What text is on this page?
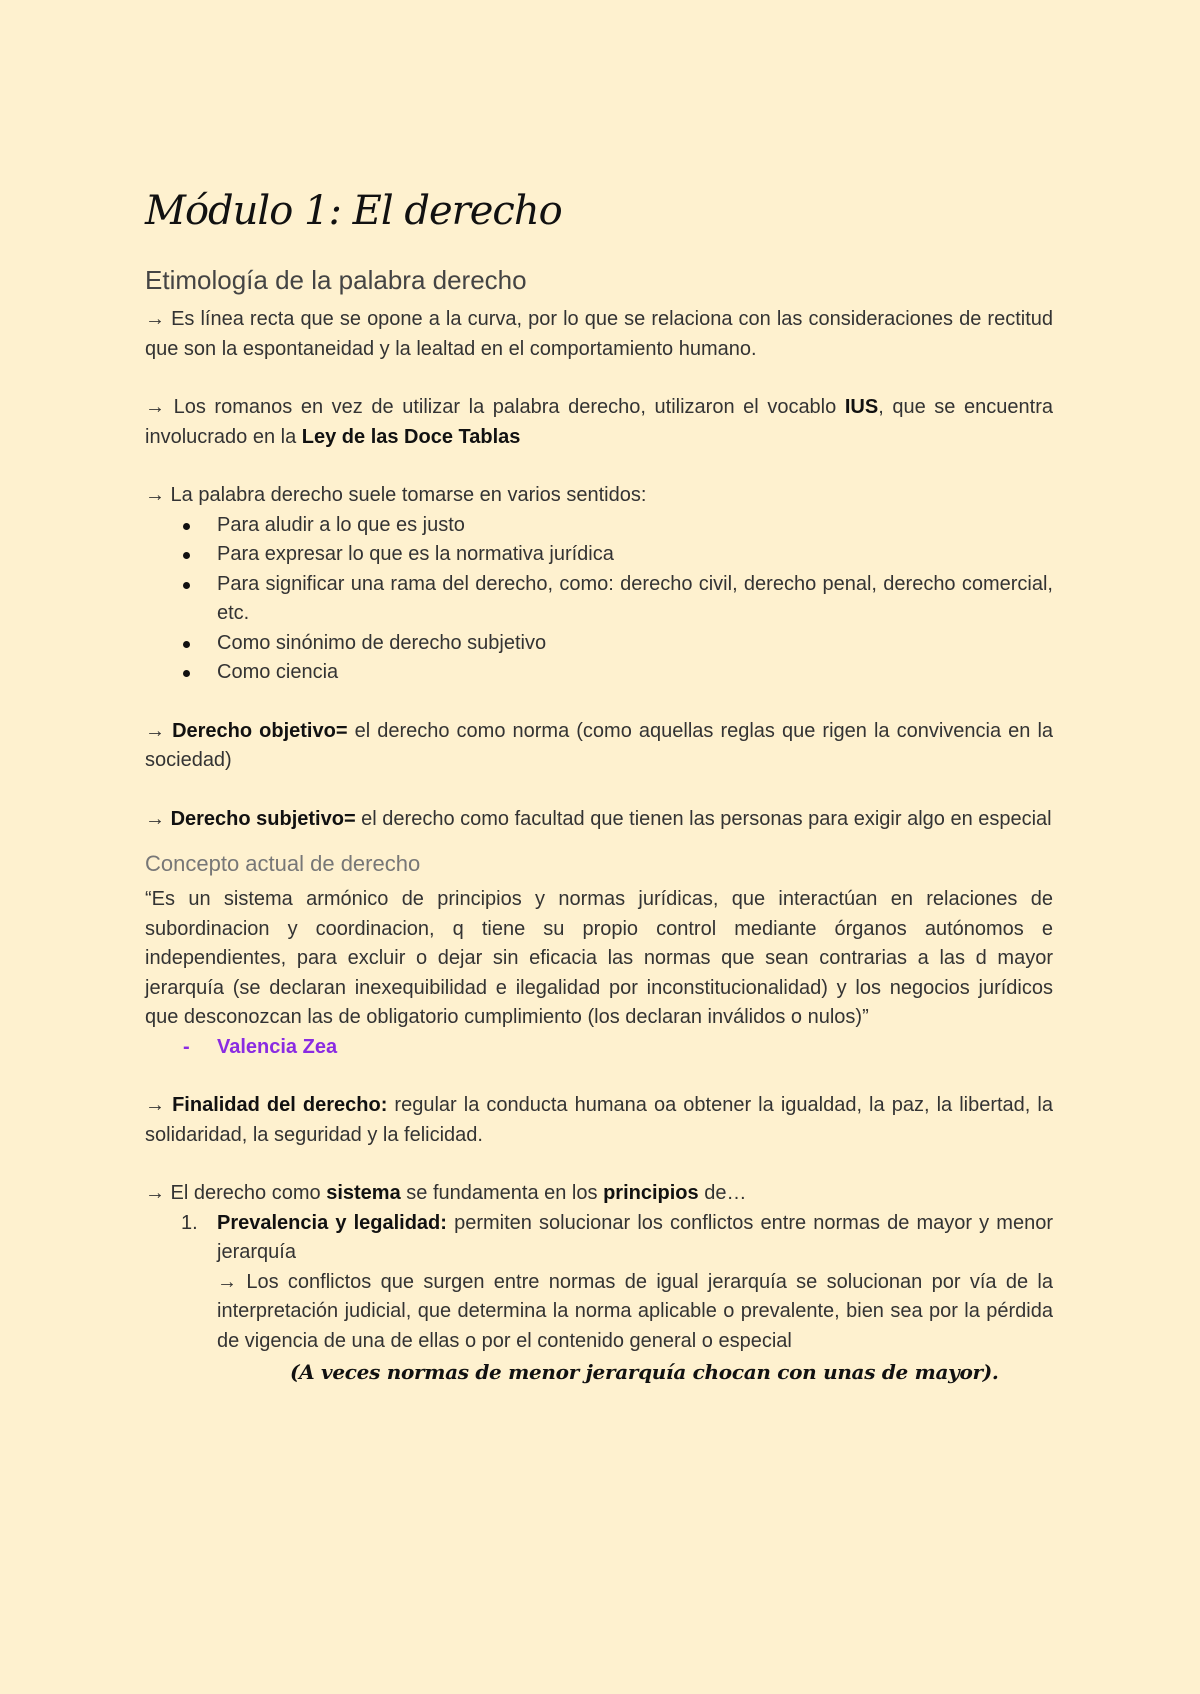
Módulo 1: El derecho
Etimología de la palabra derecho

→ Es línea recta que se opone a la curva, por lo que se relaciona con las consideraciones de rectitud que son la espontaneidad y la lealtad en el comportamiento humano.

→ Los romanos en vez de utilizar la palabra derecho, utilizaron el vocablo IUS, que se encuentra involucrado en la Ley de las Doce Tablas

→ La palabra derecho suele tomarse en varios sentidos:

Para aludir a lo que es justo
Para expresar lo que es la normativa jurídica
Para significar una rama del derecho, como: derecho civil, derecho penal, derecho comercial, etc.
Como sinónimo de derecho subjetivo
Como ciencia

→ Derecho objetivo= el derecho como norma (como aquellas reglas que rigen la convivencia en la sociedad)

→ Derecho subjetivo= el derecho como facultad que tienen las personas para exigir algo en especial

Concepto actual de derecho

“Es un sistema armónico de principios y normas jurídicas, que interactúan en relaciones de subordinacion y coordinacion, q tiene su propio control mediante órganos autónomos e independientes, para excluir o dejar sin eficacia las normas que sean contrarias a las d mayor jerarquía (se declaran inexequibilidad e ilegalidad por inconstitucionalidad) y los negocios jurídicos que desconozcan las de obligatorio cumplimiento (los declaran inválidos o nulos)”

- Valencia Zea

→ Finalidad del derecho: regular la conducta humana oa obtener la igualdad, la paz, la libertad, la solidaridad, la seguridad y la felicidad.

→ El derecho como sistema se fundamenta en los principios de…

1. Prevalencia y legalidad: permiten solucionar los conflictos entre normas de mayor y menor jerarquía
→ Los conflictos que surgen entre normas de igual jerarquía se solucionan por vía de la interpretación judicial, que determina la norma aplicable o prevalente, bien sea por la pérdida de vigencia de una de ellas o por el contenido general o especial
(A veces normas de menor jerarquía chocan con unas de mayor).
